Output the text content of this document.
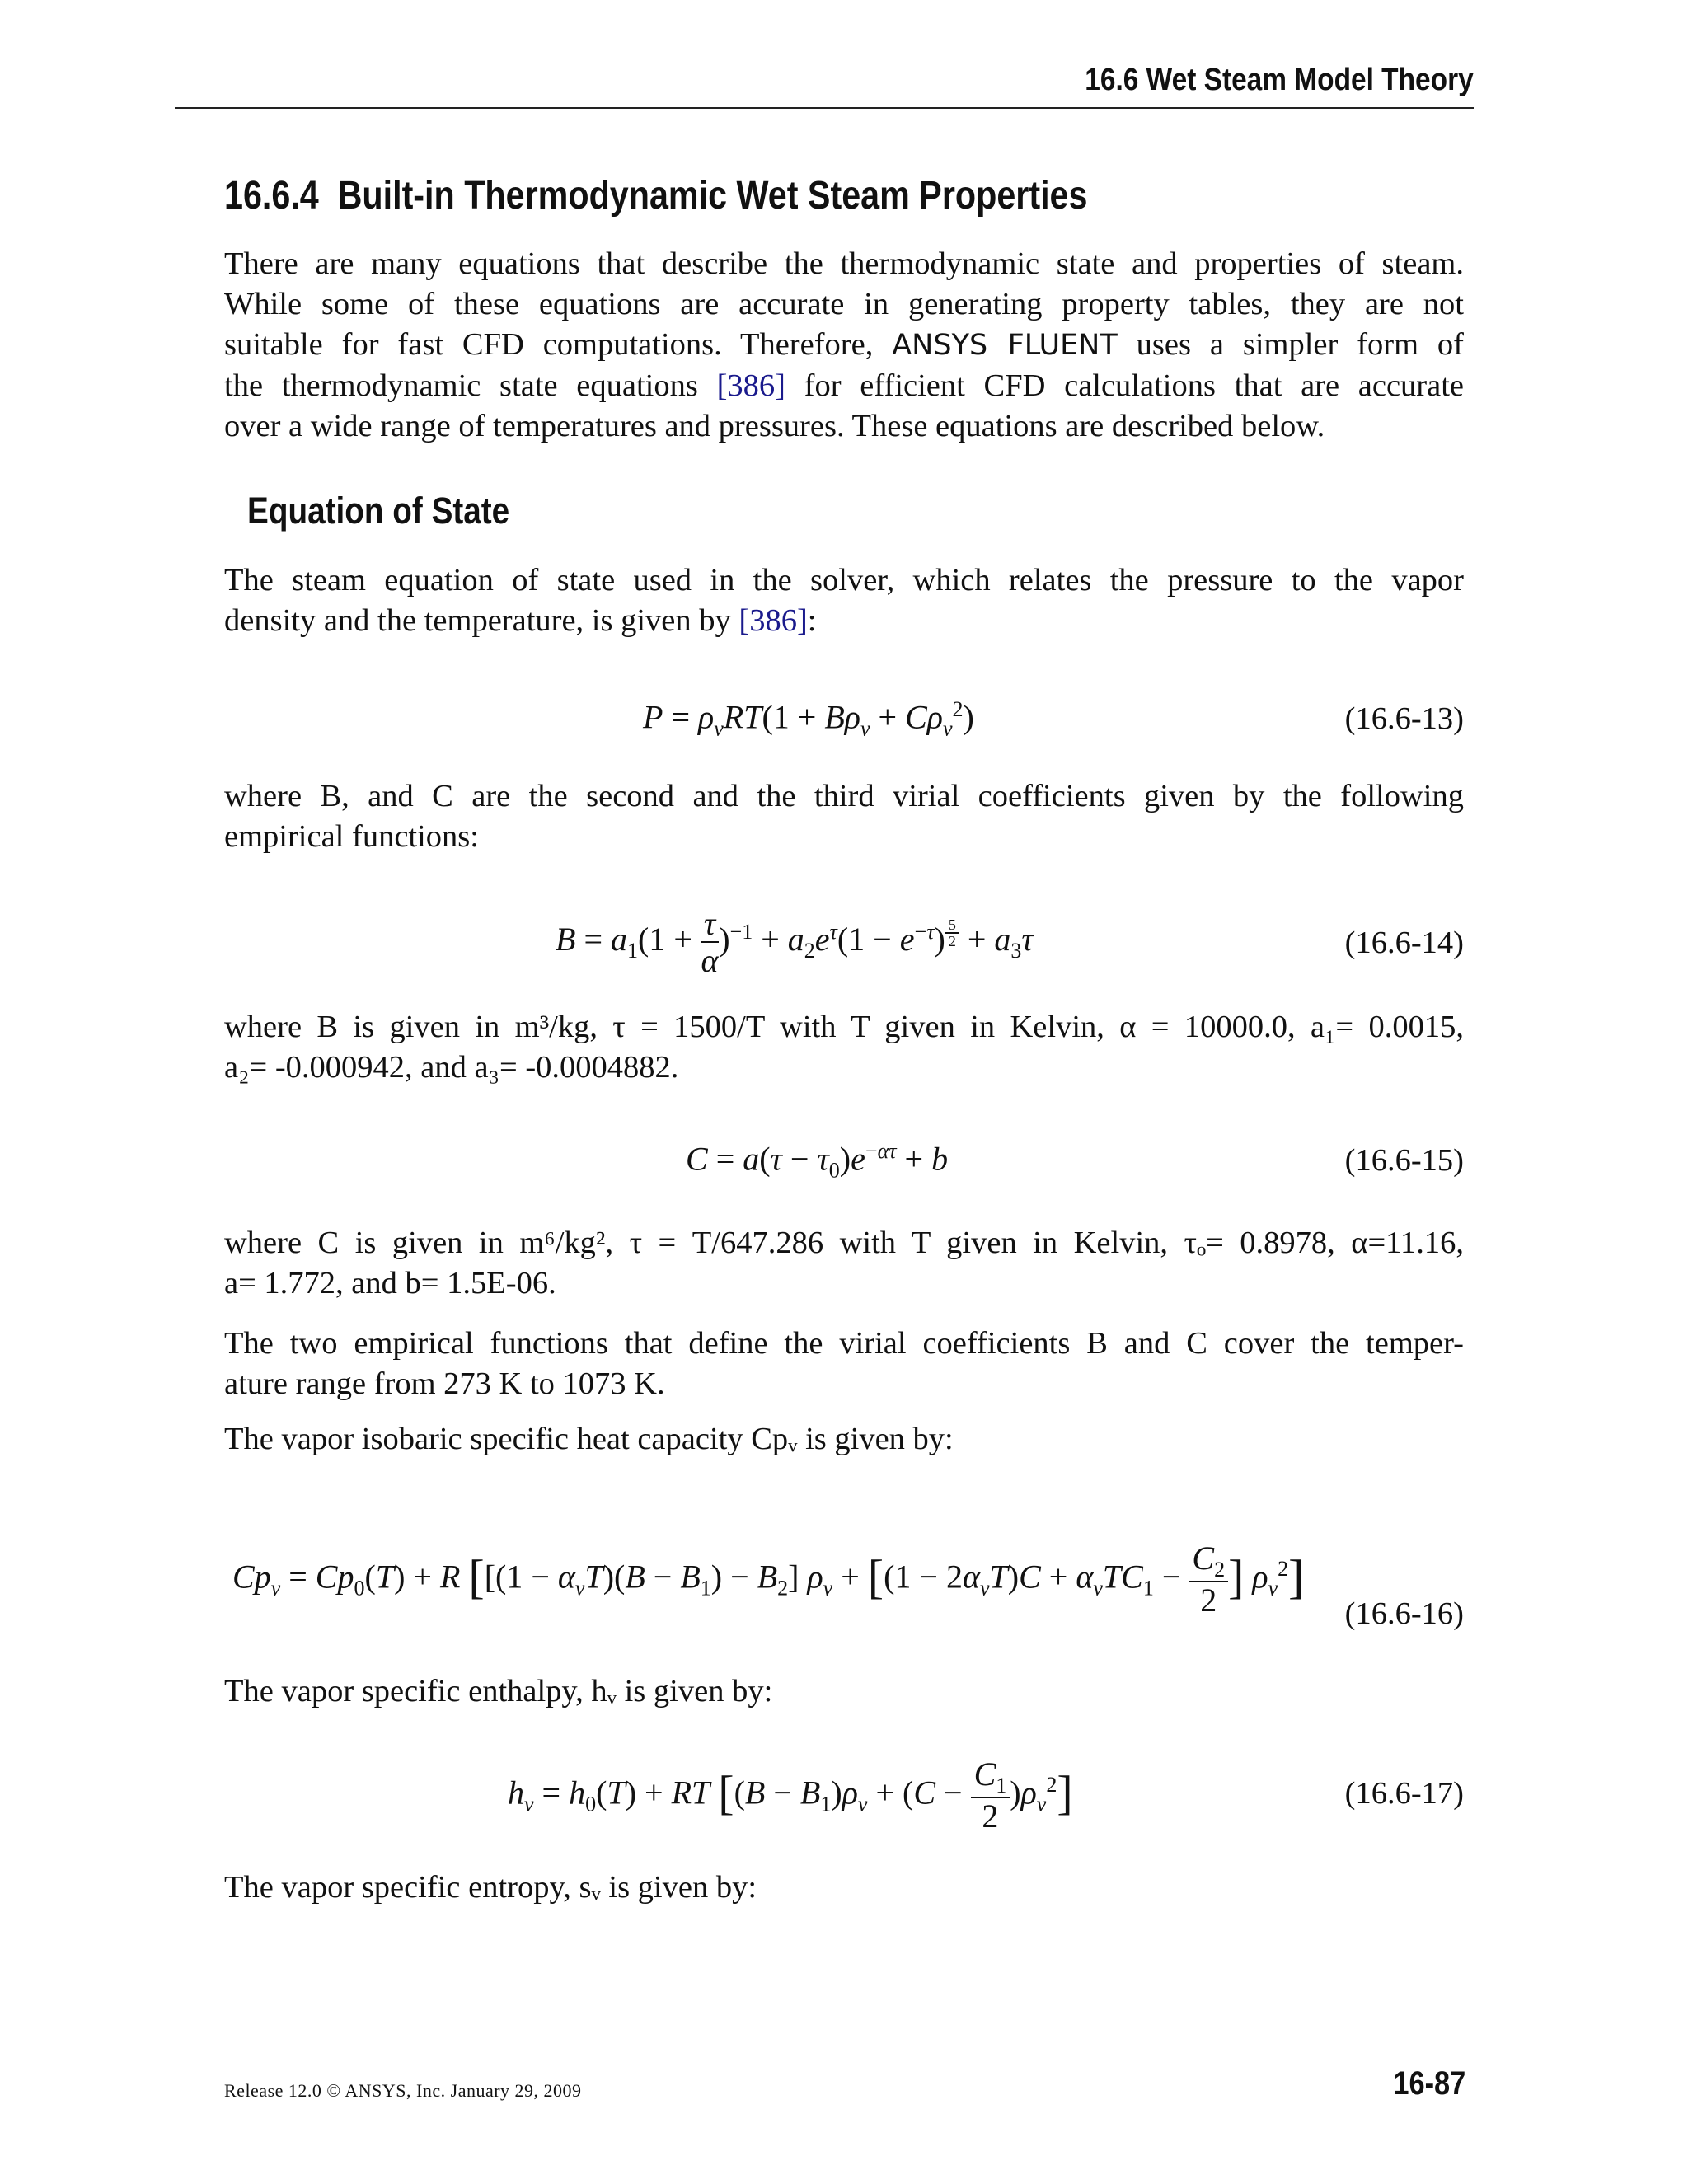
16.6 Wet Steam Model Theory
16.6.4 Built-in Thermodynamic Wet Steam Properties
There are many equations that describe the thermodynamic state and properties of steam.
While some of these equations are accurate in generating property tables, they are not
suitable for fast CFD computations. Therefore, ANSYS FLUENT uses a simpler form of
the thermodynamic state equations [386] for efficient CFD calculations that are accurate
over a wide range of temperatures and pressures. These equations are described below.
Equation of State
The steam equation of state used in the solver, which relates the pressure to the vapor
density and the temperature, is given by [386]:
$P = \rho_vRT(1 + B\rho_v + C\rho_v^2)$	(16.6-13)
where B, and C are the second and the third virial coefficients given by the following
empirical functions:
$B = a_1(1 + \frac{\tau}{\alpha} )^{-1} + a_2e^\tau(1 - e^{-\tau}) ^{\frac{5}{2}} + a_3\tau$	(16.6-14)
where B is given in m³/kg, τ = 1500/T with T given in Kelvin, α = 10000.0, a₁= 0.0015,
a₂= -0.000942, and a₃= -0.0004882.
$C = a(\tau - \tau_0)e^{-\alpha\tau} + b$	(16.6-15)
where C is given in m⁶/kg², τ = T/647.286 with T given in Kelvin, τₒ= 0.8978, α=11.16,
a= 1.772, and b= 1.5E-06.
The two empirical functions that define the virial coefficients B and C cover the temper-
ature range from 273 K to 1073 K.
The vapor isobaric specific heat capacity Cpᵥ is given by:
$Cp_v = Cp_0(T) + R$ [$[(1 - \alpha_vT)(B - B_1) - B_2]$ $\rho_v + [(1 - 2\alpha_vT)C + \alpha_vTC_1 - \frac{C_2}{2}$ ] $\rho_v^2$]
(16.6-16)
The vapor specific enthalpy, hᵥ is given by:
$h_v = h_0(T)$ + RT $[(B - B_1)\rho_v + (C - \frac{C_1}{2} )\rho_v^2]$	(16.6-17)
The vapor specific entropy, sᵥ is given by:
Release 12.0 © ANSYS, Inc. January 29, 2009	16-87
